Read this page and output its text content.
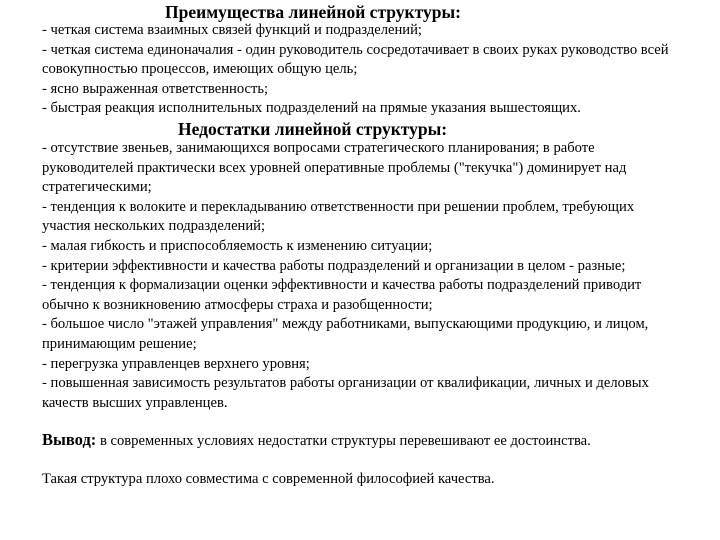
Преимущества линейной структуры:

- четкая система взаимных связей функций и подразделений;

- четкая система единоначалия - один руководитель сосредотачивает в своих руках руководство всей совокупностью процессов, имеющих общую цель;

- ясно выраженная ответственность;

- быстрая реакция исполнительных подразделений на прямые указания вышестоящих.

Недостатки линейной структуры:

- отсутствие звеньев, занимающихся вопросами стратегического планирования; в работе руководителей практически всех уровней оперативные проблемы ("текучка") доминирует над стратегическими;

- тенденция к волоките и перекладыванию ответственности при решении проблем, требующих участия нескольких подразделений;

- малая гибкость и приспособляемость к изменению ситуации;

- критерии эффективности и качества работы подразделений и организации в целом - разные;

- тенденция к формализации оценки эффективности и качества работы подразделений приводит обычно к возникновению атмосферы страха и разобщенности;

- большое число "этажей управления" между работниками, выпускающими продукцию, и лицом, принимающим решение;

- перегрузка управленцев верхнего уровня;

- повышенная зависимость результатов работы организации от квалификации, личных и деловых качеств высших управленцев.

Вывод: в современных условиях недостатки структуры перевешивают ее достоинства.
Такая структура плохо совместима с современной философией качества.
